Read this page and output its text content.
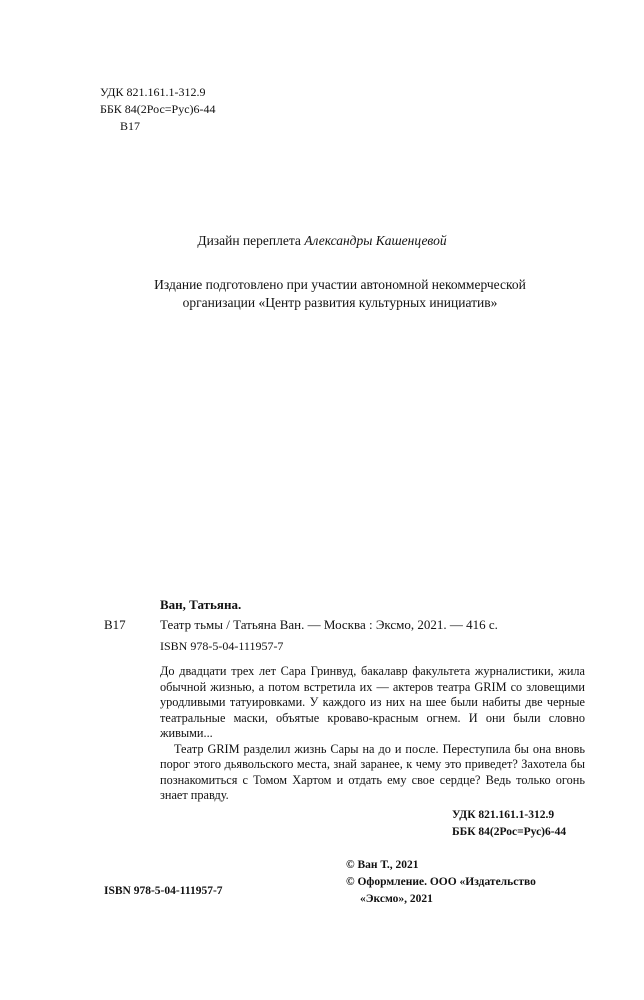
УДК 821.161.1-312.9
ББК 84(2Рос=Рус)6-44
В17
Дизайн переплета Александры Кашенцевой
Издание подготовлено при участии автономной некоммерческой
организации «Центр развития культурных инициатив»
Ван, Татьяна.
В17	Театр тьмы / Татьяна Ван. — Москва : Эксмо, 2021. — 416 с.
ISBN 978-5-04-111957-7

До двадцати трех лет Сара Гринвуд, бакалавр факультета журналистики, жила обычной жизнью, а потом встретила их — актеров театра GRIM со зловещими уродливыми татуировками. У каждого из них на шее были набиты две черные театральные маски, объятые кроваво-красным огнем. И они были словно живыми...

Театр GRIM разделил жизнь Сары на до и после. Переступила бы она вновь порог этого дьявольского места, знай заранее, к чему это приведет? Захотела бы познакомиться с Томом Хартом и отдать ему свое сердце? Ведь только огонь знает правду.

УДК 821.161.1-312.9
ББК 84(2Рос=Рус)6-44
ISBN 978-5-04-111957-7
© Ван Т., 2021
© Оформление. ООО «Издательство
«Эксмо», 2021
